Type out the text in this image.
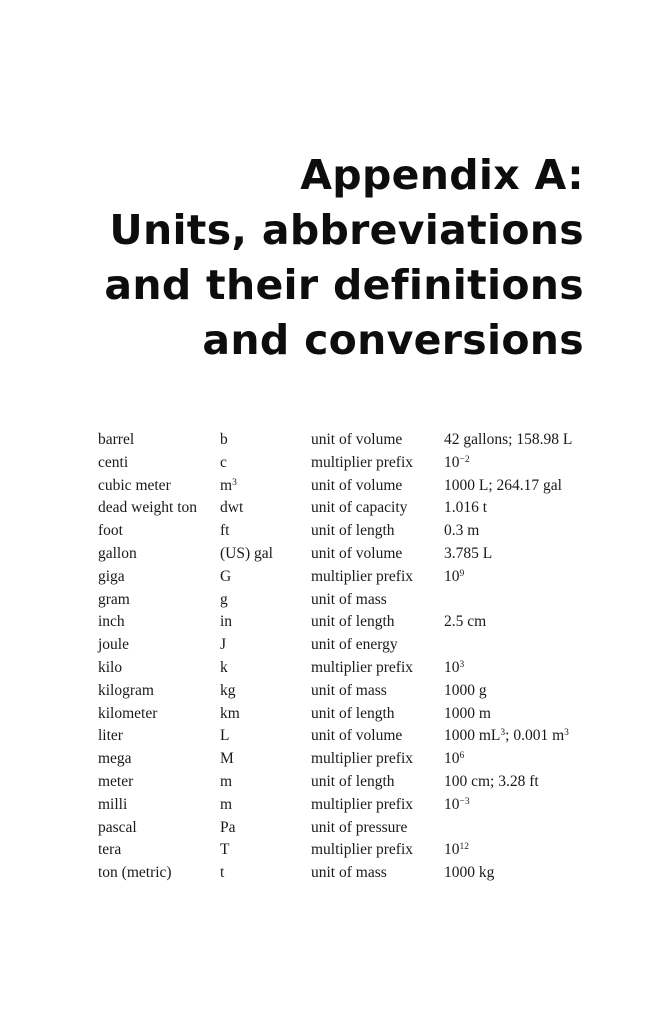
Appendix A:
Units, abbreviations
and their definitions
and conversions
barrel	b	unit of volume	42 gallons; 158.98 L
centi	c	multiplier prefix	$10^{-2}$
cubic meter	$m^3$	unit of volume	1000 L; 264.17 gal
dead weight ton	dwt	unit of capacity	1.016 t
foot	ft	unit of length	0.3 m
gallon	(US) gal	unit of volume	3.785 L
giga	G	multiplier prefix	$10^9$
gram	g	unit of mass
inch	in	unit of length	2.5 cm
joule	J	unit of energy
kilo	k	multiplier prefix	$10^3$
kilogram	kg	unit of mass	1000 g
kilometer	km	unit of length	1000 m
liter	L	unit of volume	1000 $mL^3$; 0.001 $m^3$
mega	M	multiplier prefix	$10^6$
meter	m	unit of length	100 cm; 3.28 ft
milli	m	multiplier prefix	$10^{-3}$
pascal	Pa	unit of pressure
tera	T	multiplier prefix	$10^{12}$
ton (metric)	t	unit of mass	1000 kg
